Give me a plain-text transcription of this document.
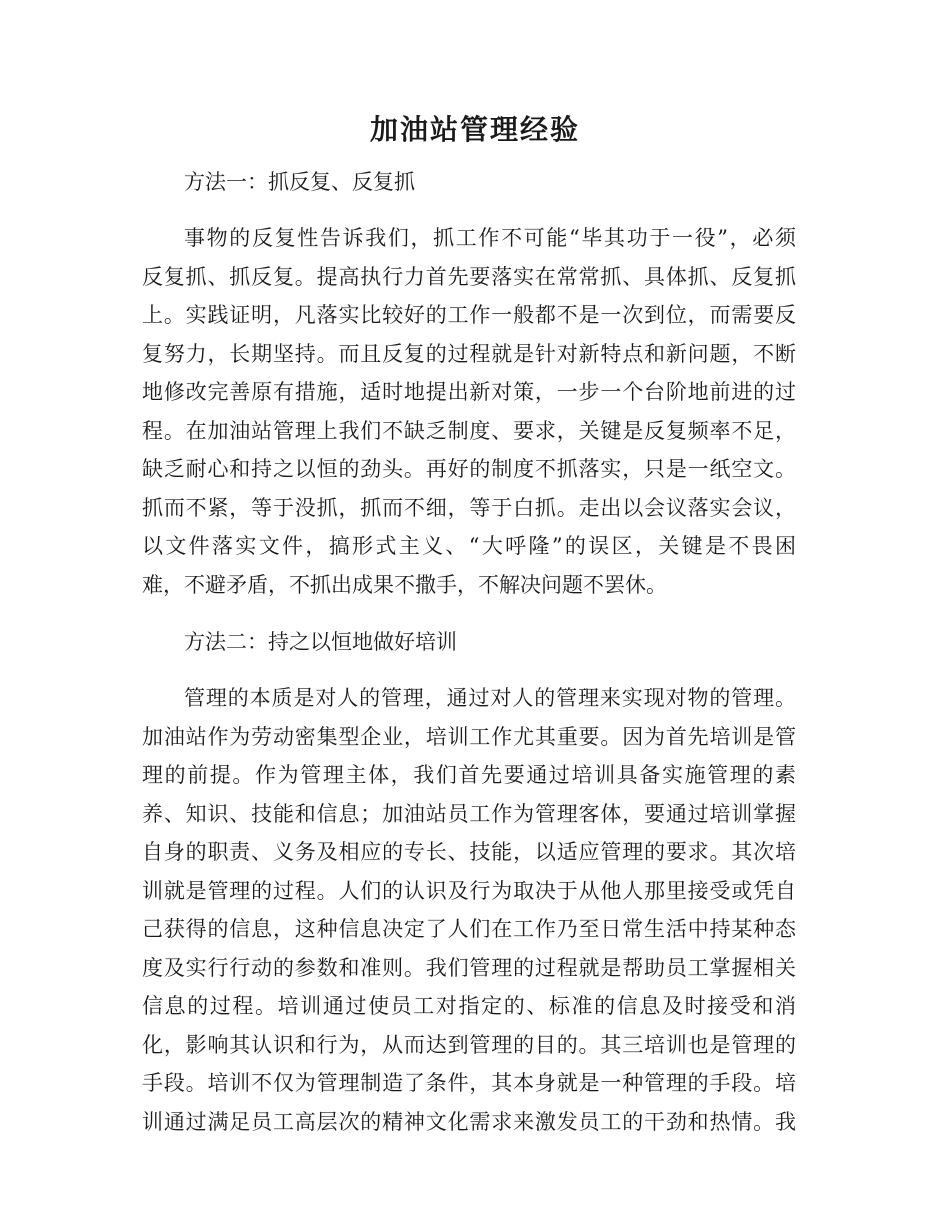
加油站管理经验

方法一：抓反复、反复抓

事物的反复性告诉我们，抓工作不可能“毕其功于一役”，必须
反复抓、抓反复。提高执行力首先要落实在常常抓、具体抓、反复抓
上。实践证明，凡落实比较好的工作一般都不是一次到位，而需要反
复努力，长期坚持。而且反复的过程就是针对新特点和新问题，不断
地修改完善原有措施，适时地提出新对策，一步一个台阶地前进的过
程。在加油站管理上我们不缺乏制度、要求，关键是反复频率不足，
缺乏耐心和持之以恒的劲头。再好的制度不抓落实，只是一纸空文。
抓而不紧，等于没抓，抓而不细，等于白抓。走出以会议落实会议，
以文件落实文件，搞形式主义、“大呼隆”的误区，关键是不畏困
难，不避矛盾，不抓出成果不撒手，不解决问题不罢休。

方法二：持之以恒地做好培训

管理的本质是对人的管理，通过对人的管理来实现对物的管理。
加油站作为劳动密集型企业，培训工作尤其重要。因为首先培训是管
理的前提。作为管理主体，我们首先要通过培训具备实施管理的素
养、知识、技能和信息；加油站员工作为管理客体，要通过培训掌握
自身的职责、义务及相应的专长、技能，以适应管理的要求。其次培
训就是管理的过程。人们的认识及行为取决于从他人那里接受或凭自
己获得的信息，这种信息决定了人们在工作乃至日常生活中持某种态
度及实行行动的参数和准则。我们管理的过程就是帮助员工掌握相关
信息的过程。培训通过使员工对指定的、标准的信息及时接受和消
化，影响其认识和行为，从而达到管理的目的。其三培训也是管理的
手段。培训不仅为管理制造了条件，其本身就是一种管理的手段。培
训通过满足员工高层次的精神文化需求来激发员工的干劲和热情。我
